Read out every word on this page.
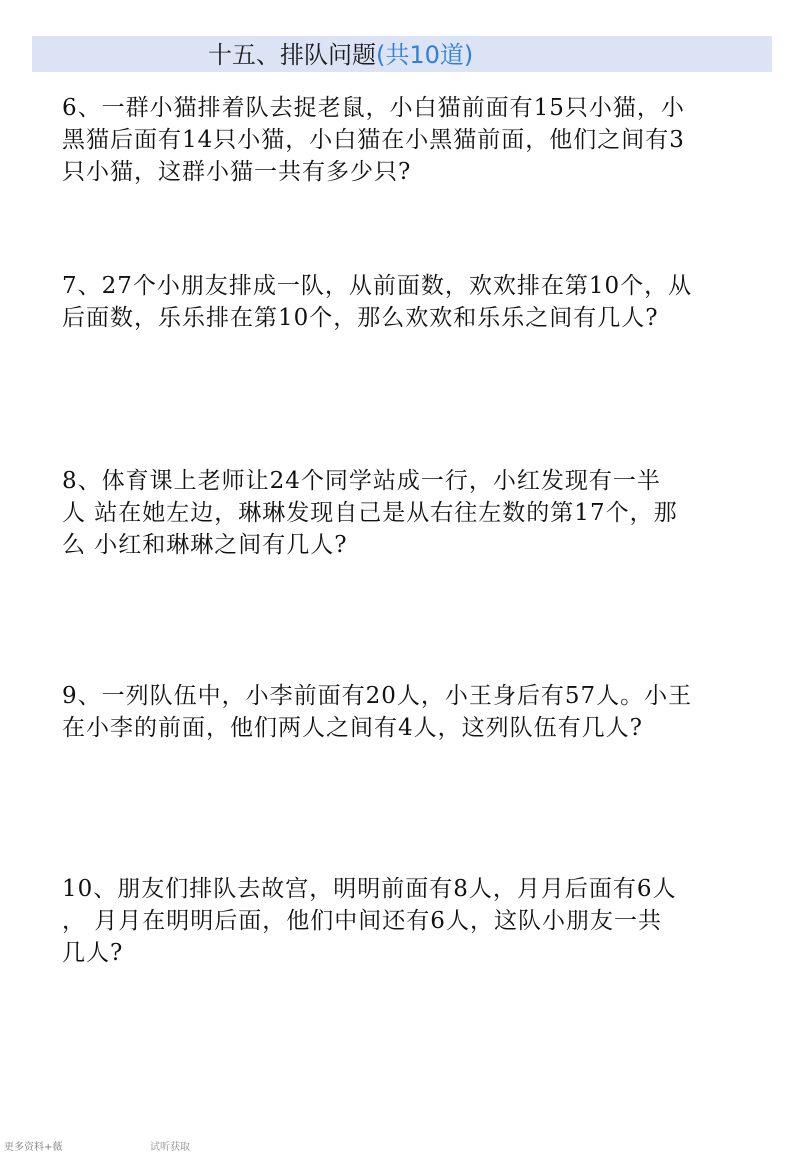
十五、排队问题(共10道)
6、一群小猫排着队去捉老鼠，小白猫前面有15只小猫，小
黑猫后面有14只小猫，小白猫在小黑猫前面，他们之间有3
只小猫，这群小猫一共有多少只?
7、27个小朋友排成一队，从前面数，欢欢排在第10个，从
后面数，乐乐排在第10个，那么欢欢和乐乐之间有几人?
8、体育课上老师让24个同学站成一行，小红发现有一半
人 站在她左边，琳琳发现自己是从右往左数的第17个，那
么 小红和琳琳之间有几人?
9、一列队伍中，小李前面有20人，小王身后有57人。小王
在小李的前面，他们两人之间有4人，这列队伍有几人?
10、朋友们排队去故宫，明明前面有8人，月月后面有6人
， 月月在明明后面，他们中间还有6人，这队小朋友一共
几人?
更多资料+薇	试听获取
